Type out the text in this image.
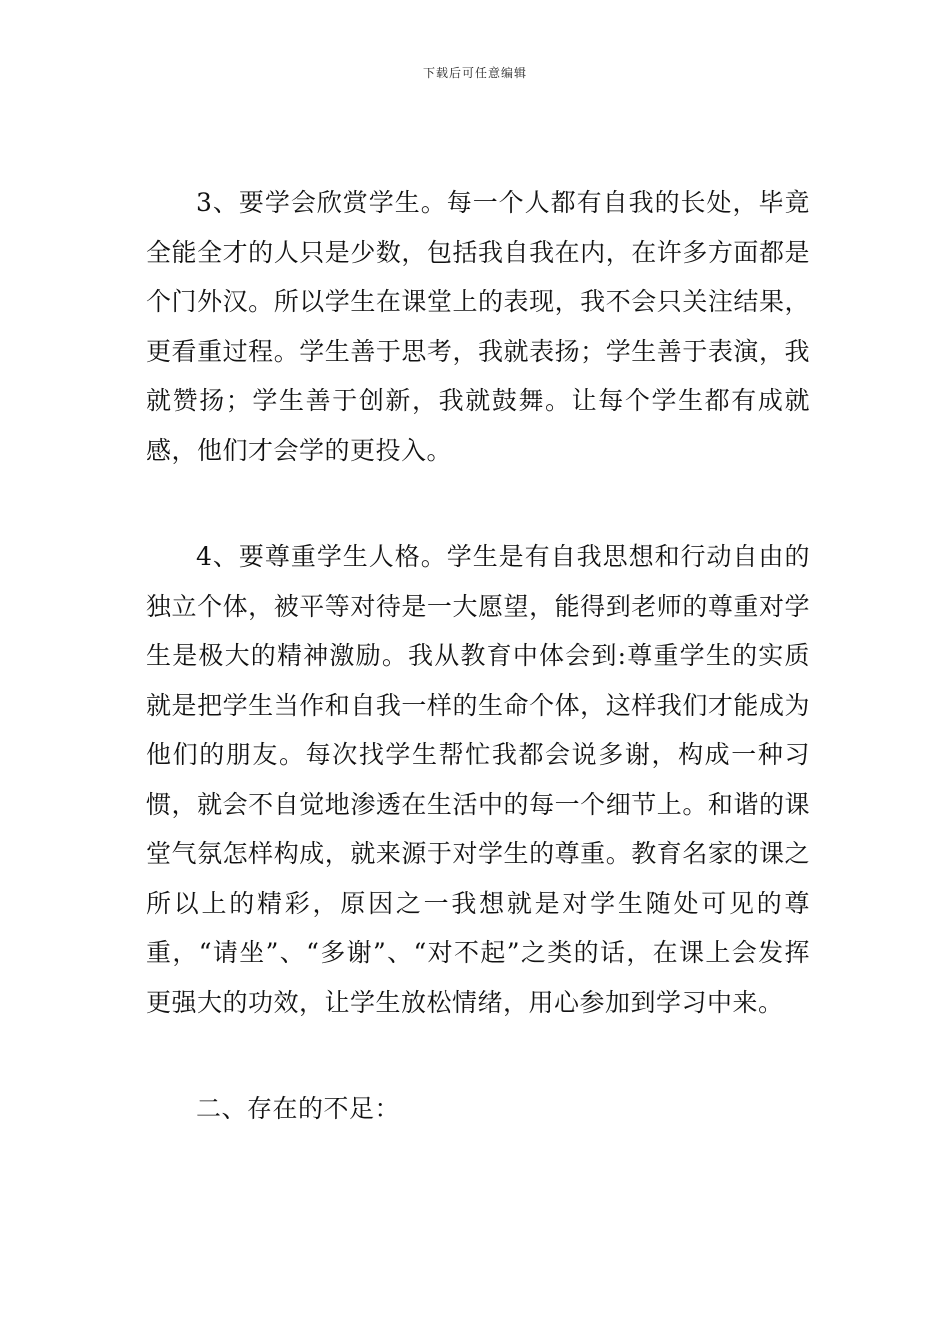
下载后可任意编辑

3、要学会欣赏学生。每一个人都有自我的长处，毕竟全能全才的人只是少数，包括我自我在内，在许多方面都是个门外汉。所以学生在课堂上的表现，我不会只关注结果，更看重过程。学生善于思考，我就表扬；学生善于表演，我就赞扬；学生善于创新，我就鼓舞。让每个学生都有成就感，他们才会学的更投入。

4、要尊重学生人格。学生是有自我思想和行动自由的独立个体，被平等对待是一大愿望，能得到老师的尊重对学生是极大的精神激励。我从教育中体会到:尊重学生的实质就是把学生当作和自我一样的生命个体，这样我们才能成为他们的朋友。每次找学生帮忙我都会说多谢，构成一种习惯，就会不自觉地渗透在生活中的每一个细节上。和谐的课堂气氛怎样构成，就来源于对学生的尊重。教育名家的课之所以上的精彩，原因之一我想就是对学生随处可见的尊重，“请坐”、“多谢”、“对不起”之类的话，在课上会发挥更强大的功效，让学生放松情绪，用心参加到学习中来。

二、存在的不足：
